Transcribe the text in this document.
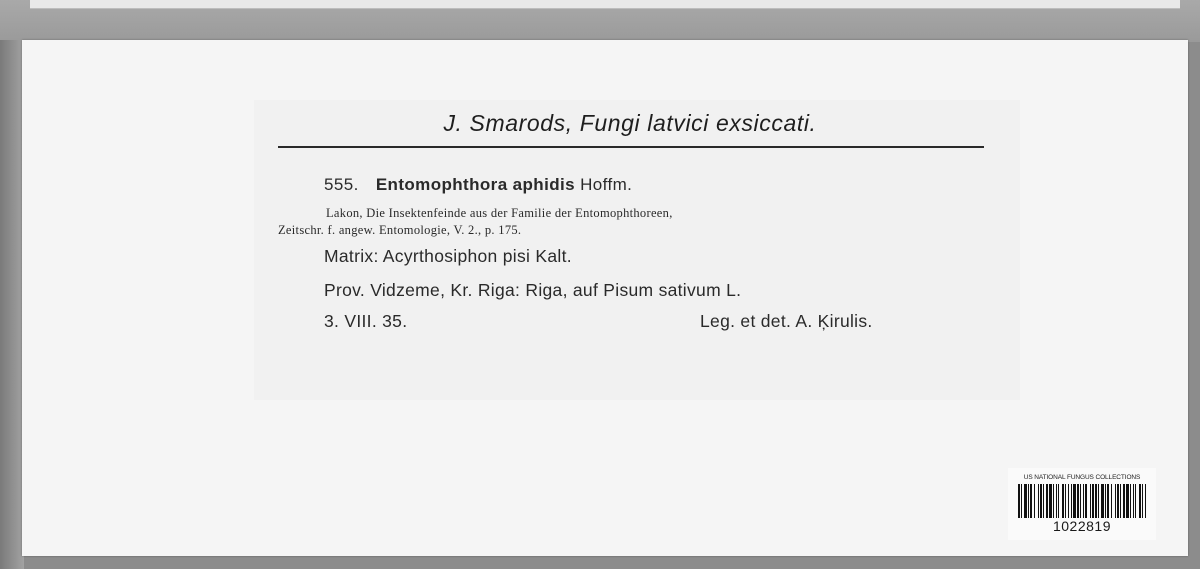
J. Smarods, Fungi latvici exsiccati.
555. Entomophthora aphidis Hoffm.
Lakon, Die Insektenfeinde aus der Familie der Entomophthoreen,
Zeitschr. f. angew. Entomologie, V. 2., p. 175.
Matrix: Acyrthosiphon pisi Kalt.
Prov. Vidzeme, Kr. Riga: Riga, auf Pisum sativum L.
3. VIII. 35.	Leg. et det. A. Ķirulis.
US NATIONAL FUNGUS COLLECTIONS
1022819
